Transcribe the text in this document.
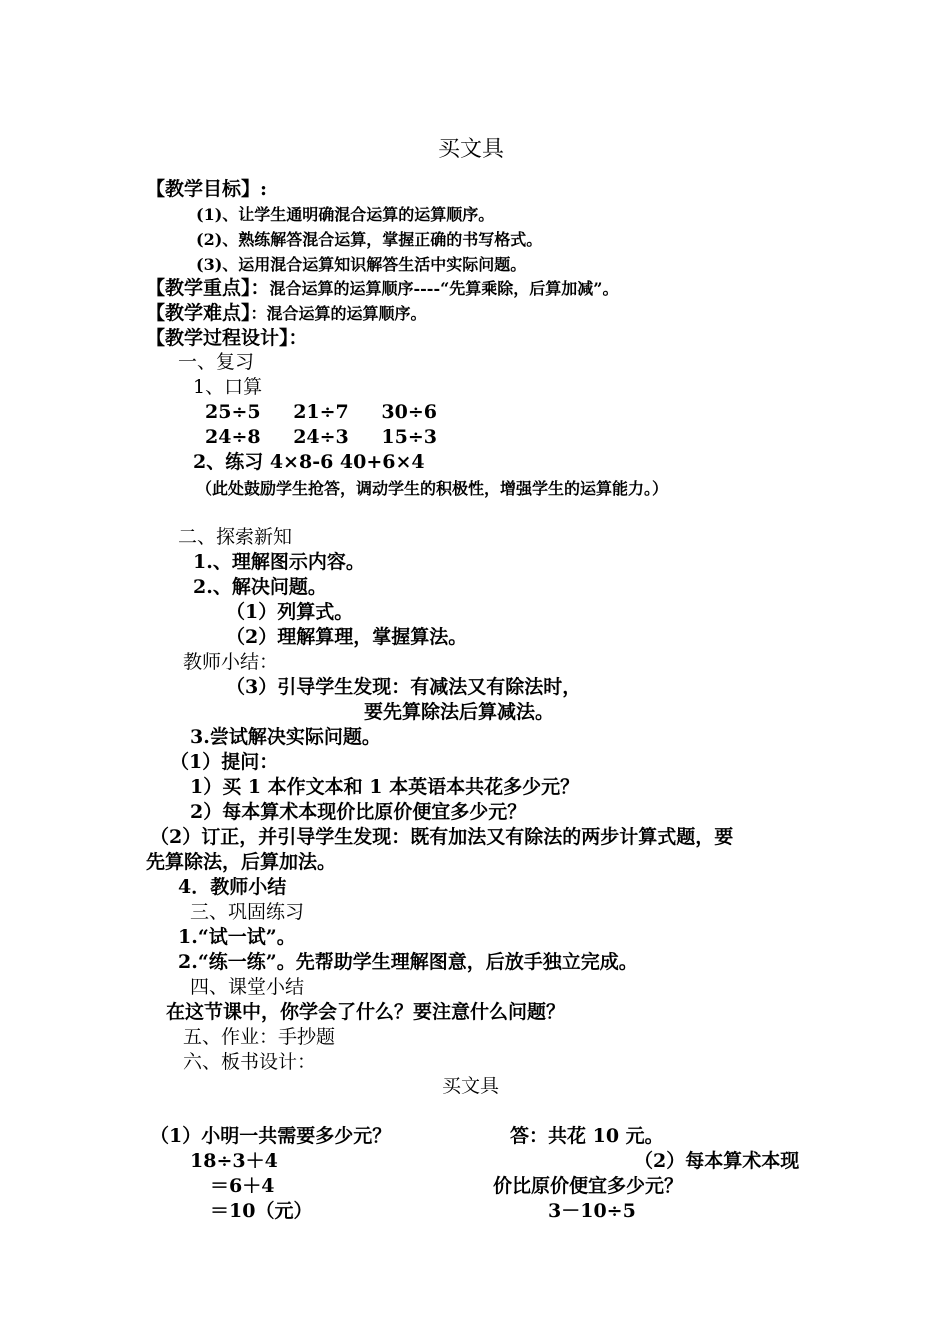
买文具
【教学目标】:
(1)、让学生通明确混合运算的运算顺序。
(2)、熟练解答混合运算，掌握正确的书写格式。
(3)、运用混合运算知识解答生活中实际问题。
【教学重点】：混合运算的运算顺序----“先算乘除，后算加减”。
【教学难点】：混合运算的运算顺序。
【教学过程设计】：
一、复习
1、口算
25÷5 21÷7 30÷6
24÷8 24÷3 15÷3
2、练习 4×8-6 40+6×4
（此处鼓励学生抢答，调动学生的积极性，增强学生的运算能力。）
二、探索新知
1.、理解图示内容。
2.、解决问题。
（1）列算式。
（2）理解算理，掌握算法。
教师小结：
（3）引导学生发现：有减法又有除法时，
要先算除法后算减法。
3.尝试解决实际问题。
（1）提问：
1）买 1 本作文本和 1 本英语本共花多少元？
2）每本算术本现价比原价便宜多少元？
（2）订正，并引导学生发现：既有加法又有除法的两步计算式题，要
先算除法，后算加法。
4．教师小结
三、巩固练习
1.“试一试”。
2.“练一练”。先帮助学生理解图意，后放手独立完成。
四、课堂小结
在这节课中，你学会了什么？要注意什么问题？
五、作业：手抄题
六、板书设计：
买文具
（1）小明一共需要多少元？	答：共花 10 元。
18÷3＋4	（2）每本算术本现
＝6＋4	价比原价便宜多少元？
＝10（元）	3－10÷5
